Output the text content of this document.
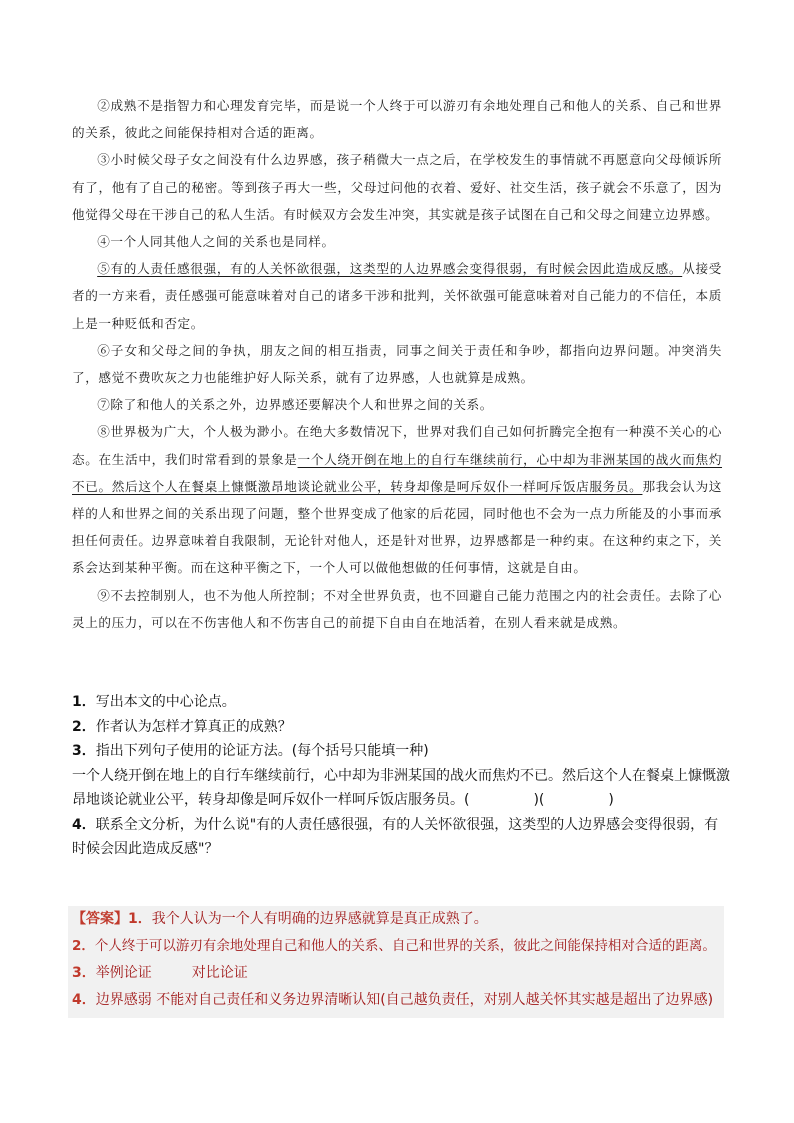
②成熟不是指智力和心理发育完毕，而是说一个人终于可以游刃有余地处理自己和他人的关系、自己和世界的关系，彼此之间能保持相对合适的距离。

③小时候父母子女之间没有什么边界感，孩子稍微大一点之后，在学校发生的事情就不再愿意向父母倾诉所有了，他有了自己的秘密。等到孩子再大一些，父母过问他的衣着、爱好、社交生活，孩子就会不乐意了，因为他觉得父母在干涉自己的私人生活。有时候双方会发生冲突，其实就是孩子试图在自己和父母之间建立边界感。

④一个人同其他人之间的关系也是同样。

⑤有的人责任感很强，有的人关怀欲很强，这类型的人边界感会变得很弱，有时候会因此造成反感。从接受者的一方来看，责任感强可能意味着对自己的诸多干涉和批判，关怀欲强可能意味着对自己能力的不信任，本质上是一种贬低和否定。

⑥子女和父母之间的争执，朋友之间的相互指责，同事之间关于责任和争吵，都指向边界问题。冲突消失了，感觉不费吹灰之力也能维护好人际关系，就有了边界感，人也就算是成熟。

⑦除了和他人的关系之外，边界感还要解决个人和世界之间的关系。

⑧世界极为广大，个人极为渺小。在绝大多数情况下，世界对我们自己如何折腾完全抱有一种漠不关心的心态。在生活中，我们时常看到的景象是一个人绕开倒在地上的自行车继续前行，心中却为非洲某国的战火而焦灼不已。然后这个人在餐桌上慷慨激昂地谈论就业公平，转身却像是呵斥奴仆一样呵斥饭店服务员。那我会认为这样的人和世界之间的关系出现了问题，整个世界变成了他家的后花园，同时他也不会为一点力所能及的小事而承担任何责任。边界意味着自我限制，无论针对他人，还是针对世界，边界感都是一种约束。在这种约束之下，关系会达到某种平衡。而在这种平衡之下，一个人可以做他想做的任何事情，这就是自由。

⑨不去控制别人，也不为他人所控制；不对全世界负责，也不回避自己能力范围之内的社会责任。去除了心灵上的压力，可以在不伤害他人和不伤害自己的前提下自由自在地活着，在别人看来就是成熟。

1．写出本文的中心论点。

2．作者认为怎样才算真正的成熟？

3．指出下列句子使用的论证方法。(每个括号只能填一种)

一个人绕开倒在地上的自行车继续前行，心中却为非洲某国的战火而焦灼不已。然后这个人在餐桌上慷慨激昂地谈论就业公平，转身却像是呵斥奴仆一样呵斥饭店服务员。(	)(	)

4．联系全文分析，为什么说"有的人责任感很强，有的人关怀欲很强，这类型的人边界感会变得很弱，有时候会因此造成反感"？

【答案】1．我个人认为一个人有明确的边界感就算是真正成熟了。

2．个人终于可以游刃有余地处理自己和他人的关系、自己和世界的关系，彼此之间能保持相对合适的距离。

3．举例论证	对比论证

4．边界感弱 不能对自己责任和义务边界清晰认知(自己越负责任，对别人越关怀其实越是超出了边界感)
